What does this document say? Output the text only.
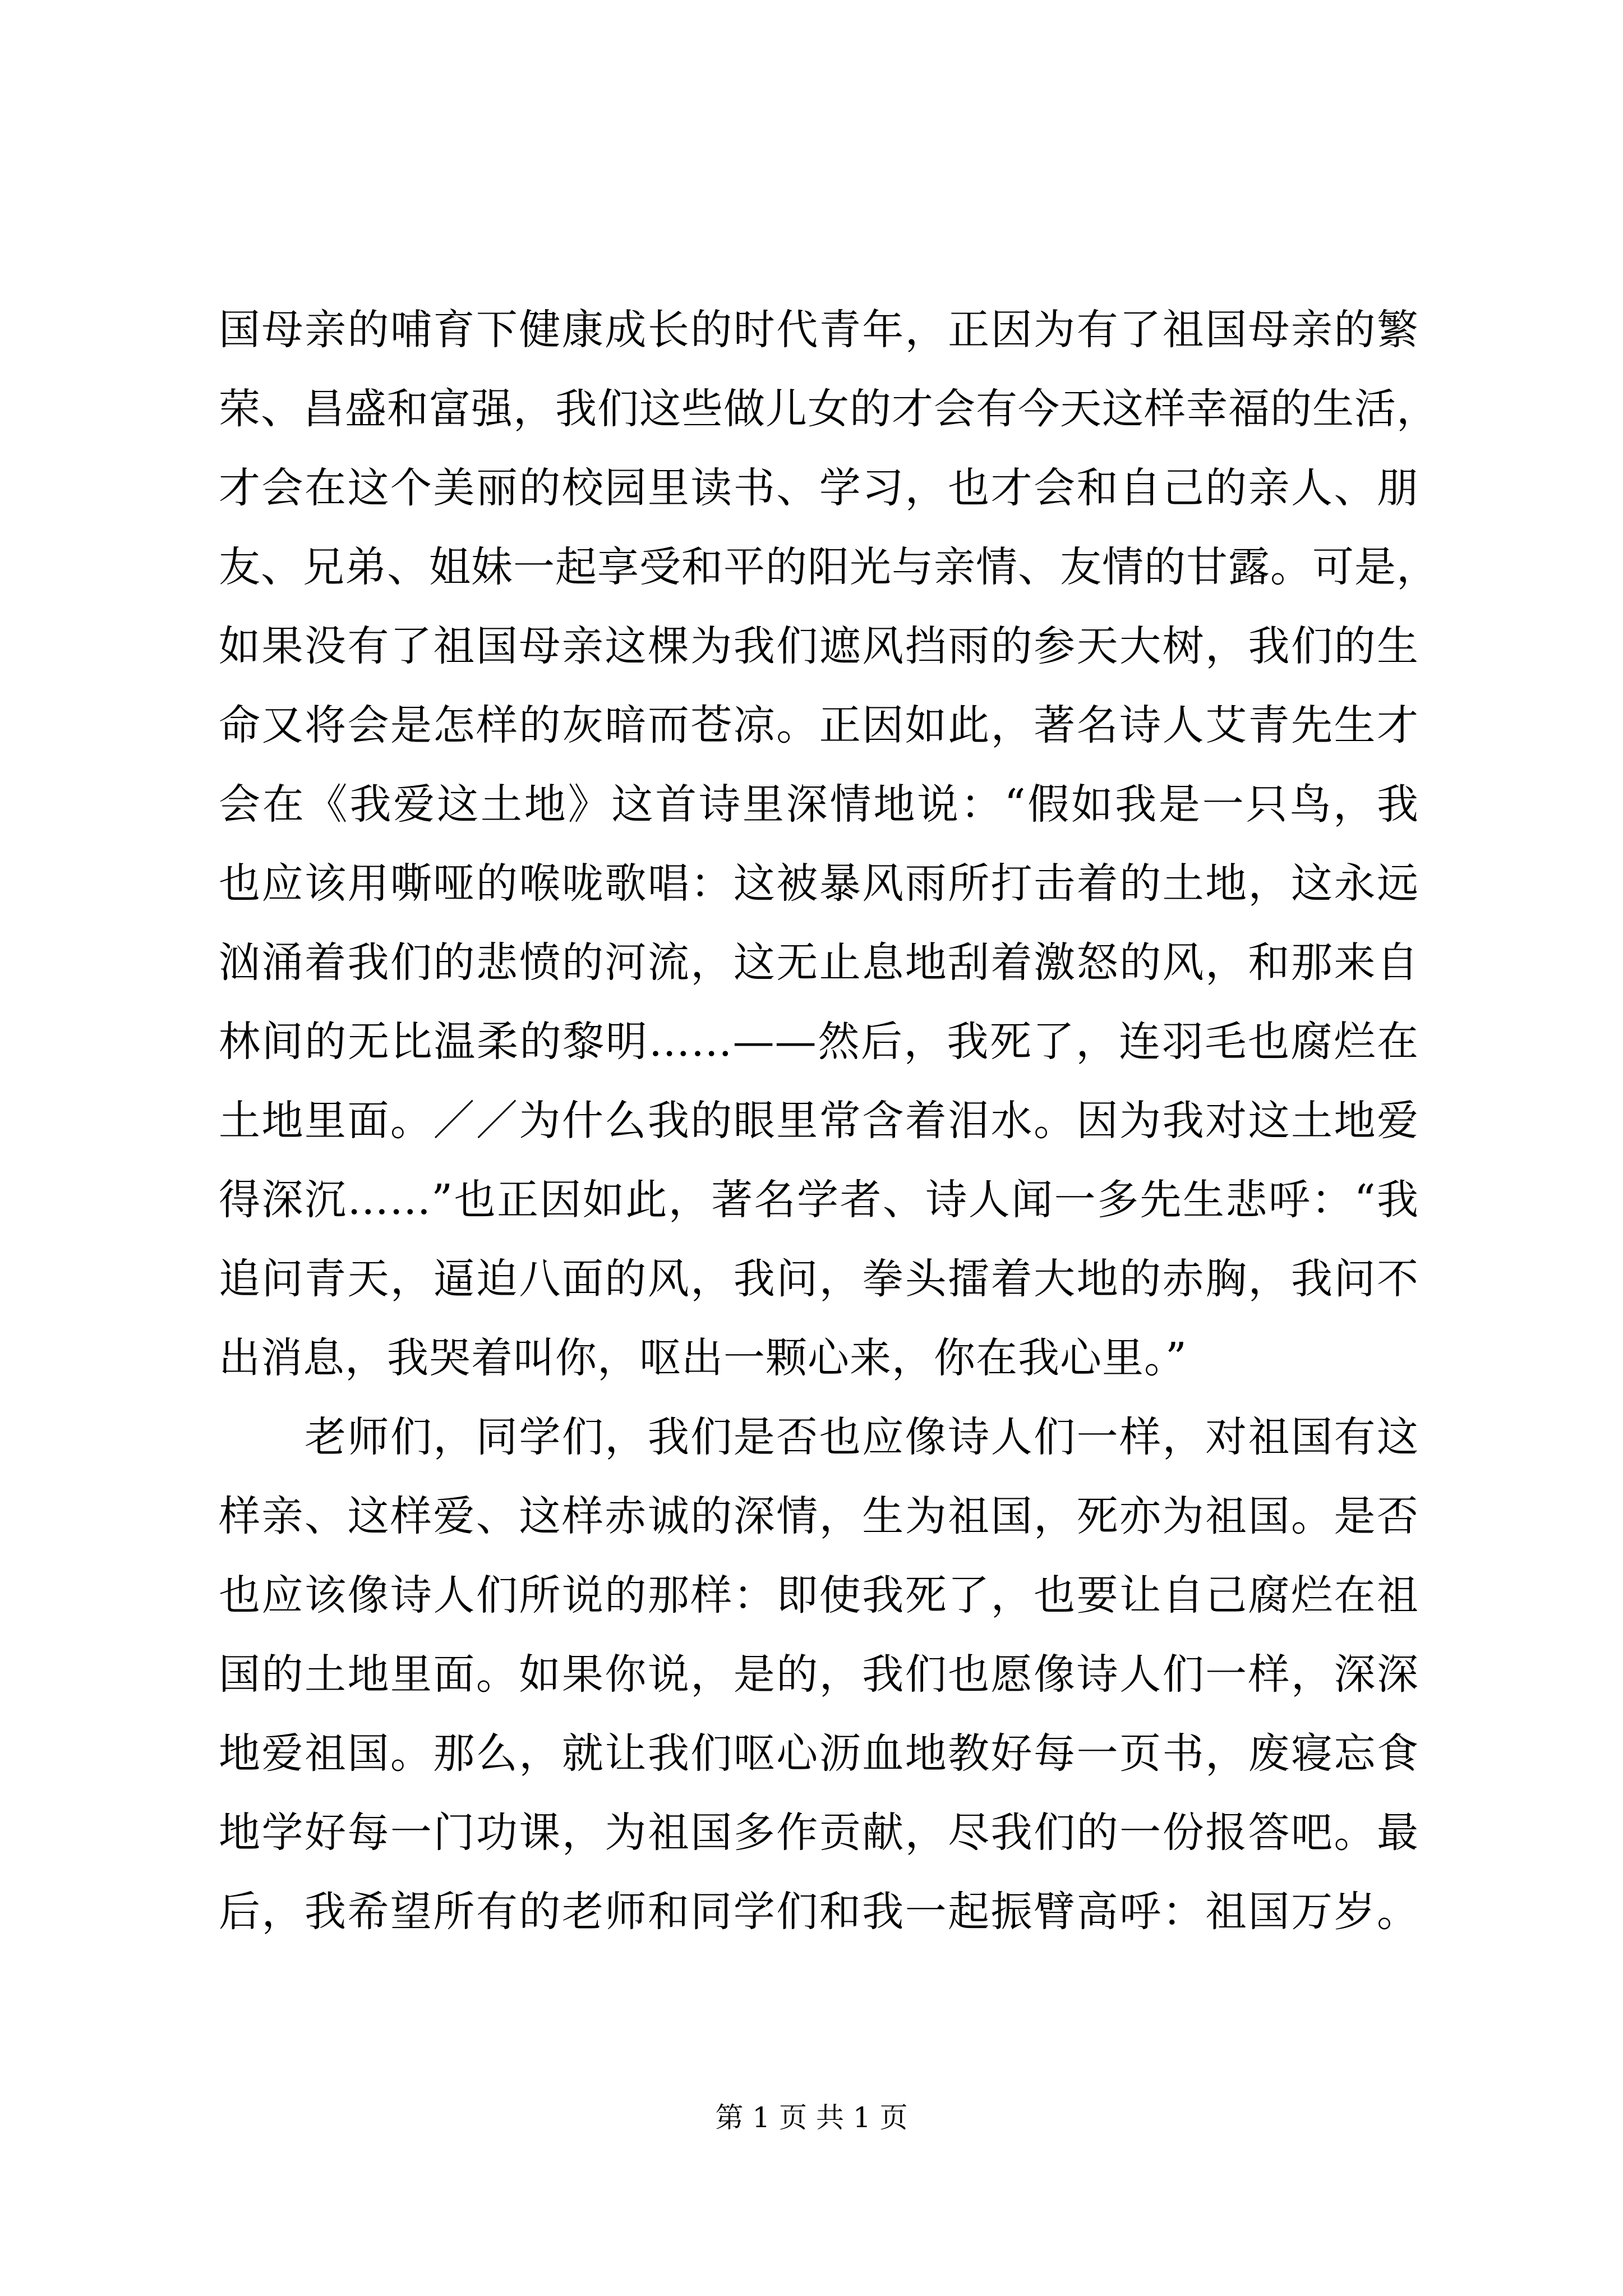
国母亲的哺育下健康成长的时代青年，正因为有了祖国母亲的繁
荣、昌盛和富强，我们这些做儿女的才会有今天这样幸福的生活，
才会在这个美丽的校园里读书、学习，也才会和自己的亲人、朋
友、兄弟、姐妹一起享受和平的阳光与亲情、友情的甘露。可是，
如果没有了祖国母亲这棵为我们遮风挡雨的参天大树，我们的生
命又将会是怎样的灰暗而苍凉。正因如此，著名诗人艾青先生才
会在《我爱这土地》这首诗里深情地说：“假如我是一只鸟，我
也应该用嘶哑的喉咙歌唱：这被暴风雨所打击着的土地，这永远
汹涌着我们的悲愤的河流，这无止息地刮着激怒的风，和那来自
林间的无比温柔的黎明……——然后，我死了，连羽毛也腐烂在
土地里面。／／为什么我的眼里常含着泪水。因为我对这土地爱
得深沉……”也正因如此，著名学者、诗人闻一多先生悲呼：“我
追问青天，逼迫八面的风，我问，拳头擂着大地的赤胸，我问不
出消息，我哭着叫你，呕出一颗心来，你在我心里。”
　　老师们，同学们，我们是否也应像诗人们一样，对祖国有这
样亲、这样爱、这样赤诚的深情，生为祖国，死亦为祖国。是否
也应该像诗人们所说的那样：即使我死了，也要让自己腐烂在祖
国的土地里面。如果你说，是的，我们也愿像诗人们一样，深深
地爱祖国。那么，就让我们呕心沥血地教好每一页书，废寝忘食
地学好每一门功课，为祖国多作贡献，尽我们的一份报答吧。最
后，我希望所有的老师和同学们和我一起振臂高呼：祖国万岁。
第 1 页 共 1 页
